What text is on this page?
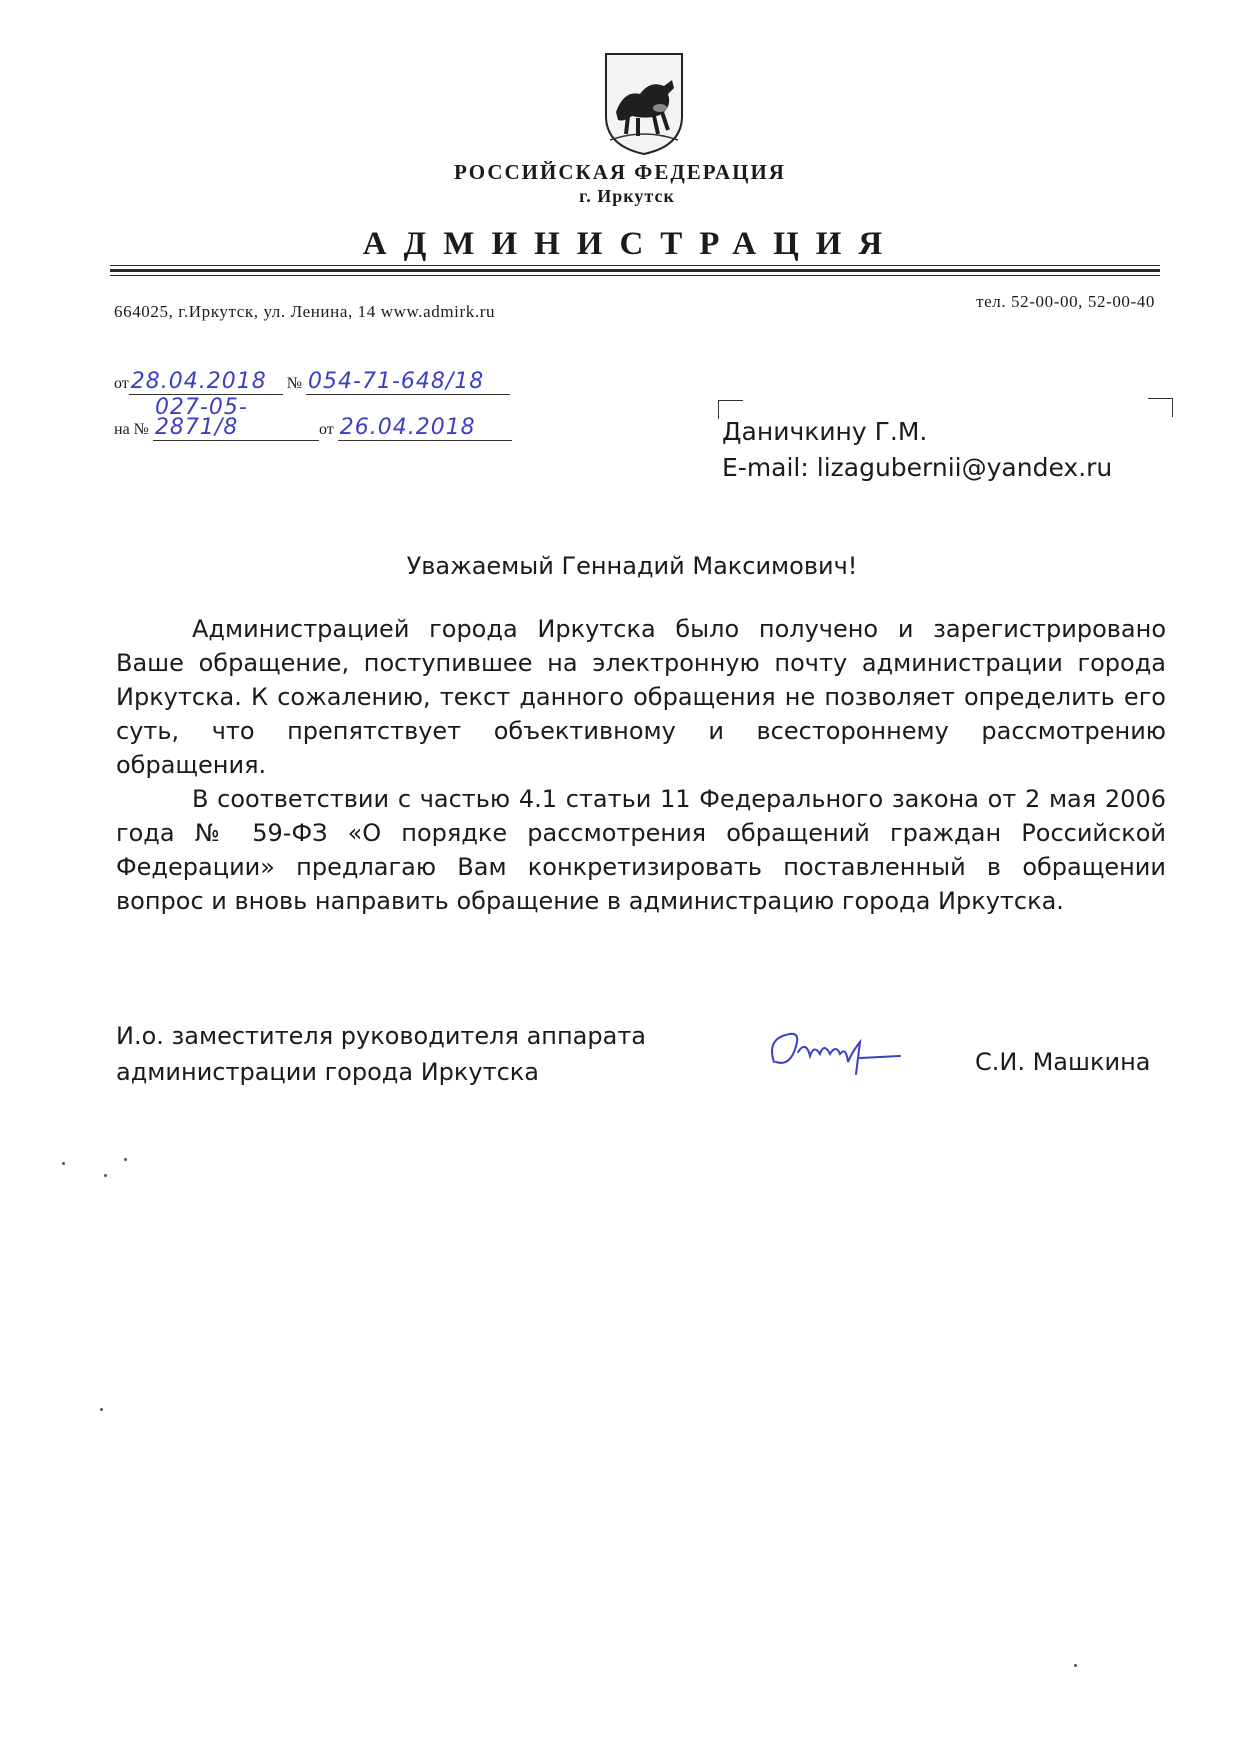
РОССИЙСКАЯ ФЕДЕРАЦИЯ
г. Иркутск
АДМИНИСТРАЦИЯ
664025, г.Иркутск, ул. Ленина, 14 www.admirk.ru
тел. 52-00-00, 52-00-40
от28.04.2018 № 054-71-648/18
на № 027-05-2871/8	от 26.04.2018	Даничкину Г.М.
E-mail: lizagubernii@yandex.ru
Уважаемый Геннадий Максимович!

Администрацией города Иркутска было получено и зарегистрировано Ваше обращение, поступившее на электронную почту администрации города Иркутска. К сожалению, текст данного обращения не позволяет определить его суть, что препятствует объективному и всестороннему рассмотрению обращения.

В соответствии с частью 4.1 статьи 11 Федерального закона от 2 мая 2006 года № 59-ФЗ «О порядке рассмотрения обращений граждан Российской Федерации» предлагаю Вам конкретизировать поставленный в обращении вопрос и вновь направить обращение в администрацию города Иркутска.

И.о. заместителя руководителя аппарата
администрации города Иркутска	С.И. Машкина
